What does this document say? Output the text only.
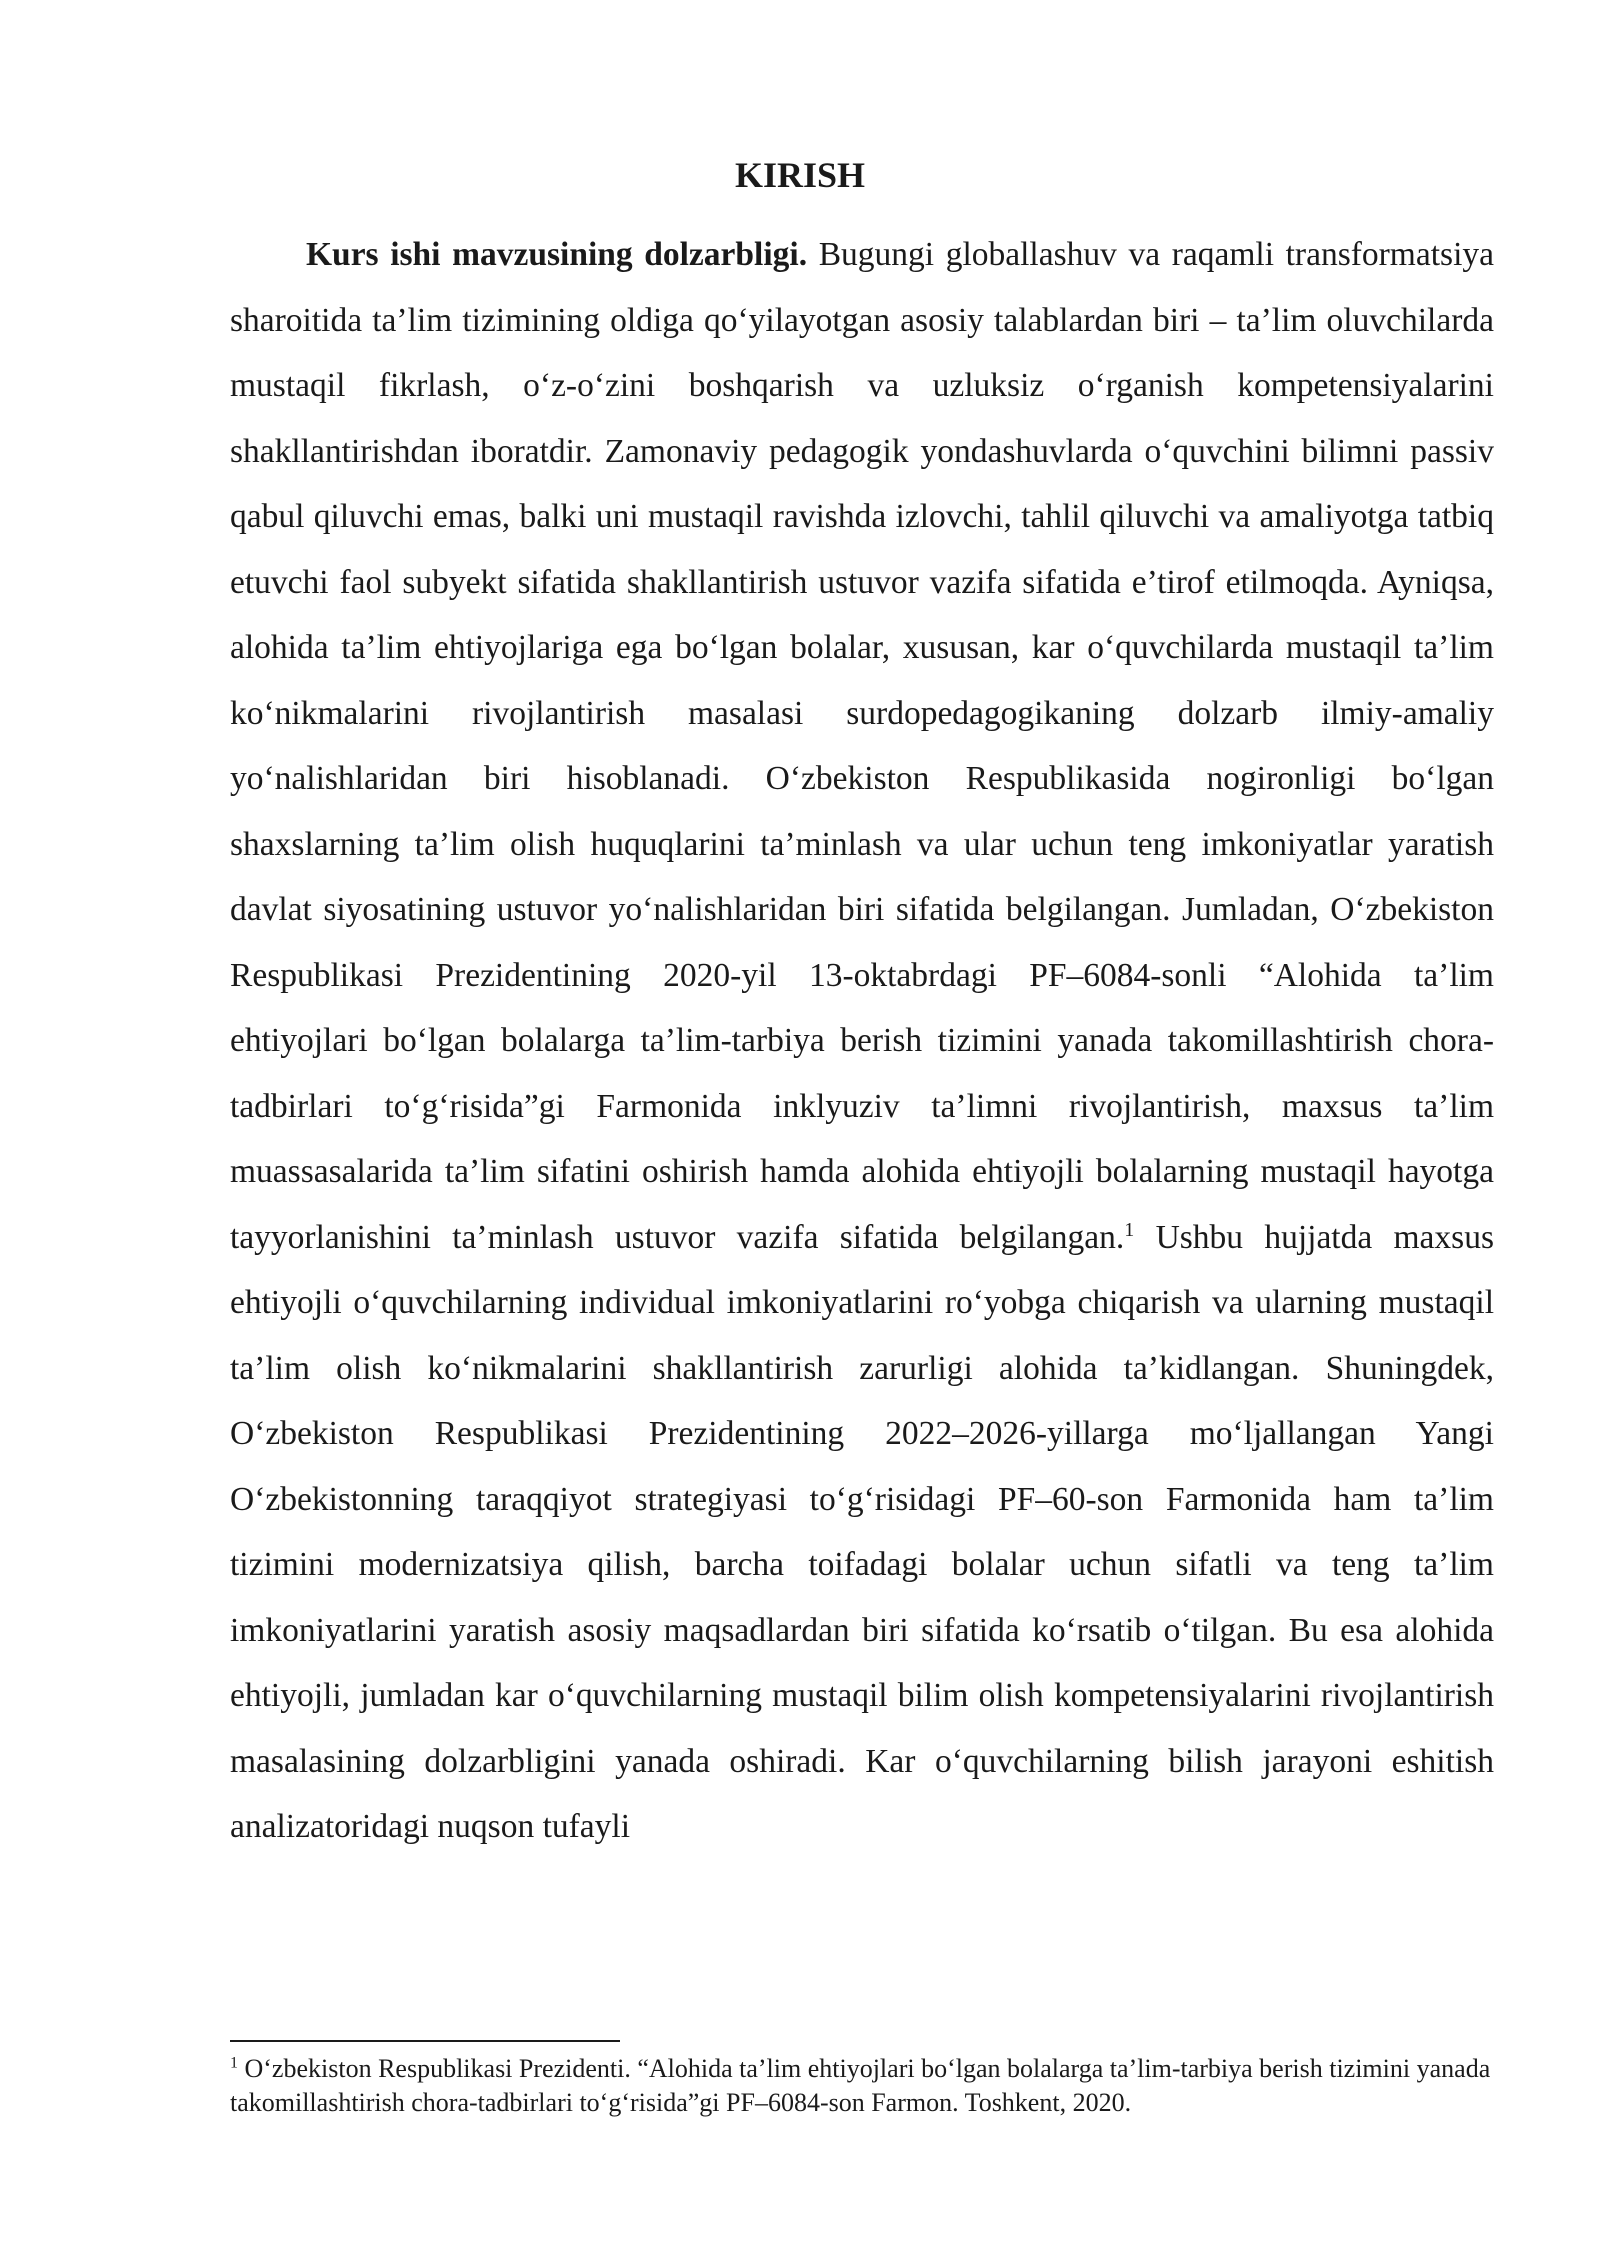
KIRISH

Kurs ishi mavzusining dolzarbligi. Bugungi globallashuv va raqamli transformatsiya sharoitida ta’lim tizimining oldiga qo‘yilayotgan asosiy talablardan biri – ta’lim oluvchilarda mustaqil fikrlash, o‘z-o‘zini boshqarish va uzluksiz o‘rganish kompetensiyalarini shakllantirishdan iboratdir. Zamonaviy pedagogik yondashuvlarda o‘quvchini bilimni passiv qabul qiluvchi emas, balki uni mustaqil ravishda izlovchi, tahlil qiluvchi va amaliyotga tatbiq etuvchi faol subyekt sifatida shakllantirish ustuvor vazifa sifatida e’tirof etilmoqda. Ayniqsa, alohida ta’lim ehtiyojlariga ega bo‘lgan bolalar, xususan, kar o‘quvchilarda mustaqil ta’lim ko‘nikmalarini rivojlantirish masalasi surdopedagogikaning dolzarb ilmiy-amaliy yo‘nalishlaridan biri hisoblanadi. O‘zbekiston Respublikasida nogironligi bo‘lgan shaxslarning ta’lim olish huquqlarini ta’minlash va ular uchun teng imkoniyatlar yaratish davlat siyosatining ustuvor yo‘nalishlaridan biri sifatida belgilangan. Jumladan, O‘zbekiston Respublikasi Prezidentining 2020-yil 13-oktabrdagi PF–6084-sonli “Alohida ta’lim ehtiyojlari bo‘lgan bolalarga ta’lim-tarbiya berish tizimini yanada takomillashtirish chora-tadbirlari to‘g‘risida”gi Farmonida inklyuziv ta’limni rivojlantirish, maxsus ta’lim muassasalarida ta’lim sifatini oshirish hamda alohida ehtiyojli bolalarning mustaqil hayotga tayyorlanishini ta’minlash ustuvor vazifa sifatida belgilangan.$^1$ Ushbu hujjatda maxsus ehtiyojli o‘quvchilarning individual imkoniyatlarini ro‘yobga chiqarish va ularning mustaqil ta’lim olish ko‘nikmalarini shakllantirish zarurligi alohida ta’kidlangan. Shuningdek, O‘zbekiston Respublikasi Prezidentining 2022–2026-yillarga mo‘ljallangan Yangi O‘zbekistonning taraqqiyot strategiyasi to‘g‘risidagi PF–60-son Farmonida ham ta’lim tizimini modernizatsiya qilish, barcha toifadagi bolalar uchun sifatli va teng ta’lim imkoniyatlarini yaratish asosiy maqsadlardan biri sifatida ko‘rsatib o‘tilgan. Bu esa alohida ehtiyojli, jumladan kar o‘quvchilarning mustaqil bilim olish kompetensiyalarini rivojlantirish masalasining dolzarbligini yanada oshiradi. Kar o‘quvchilarning bilish jarayoni eshitish analizatoridagi nuqson tufayli

$^1$ O‘zbekiston Respublikasi Prezidenti. “Alohida ta’lim ehtiyojlari bo‘lgan bolalarga ta’lim-tarbiya berish tizimini yanada takomillashtirish chora-tadbirlari to‘g‘risida”gi PF–6084-son Farmon. Toshkent, 2020.
